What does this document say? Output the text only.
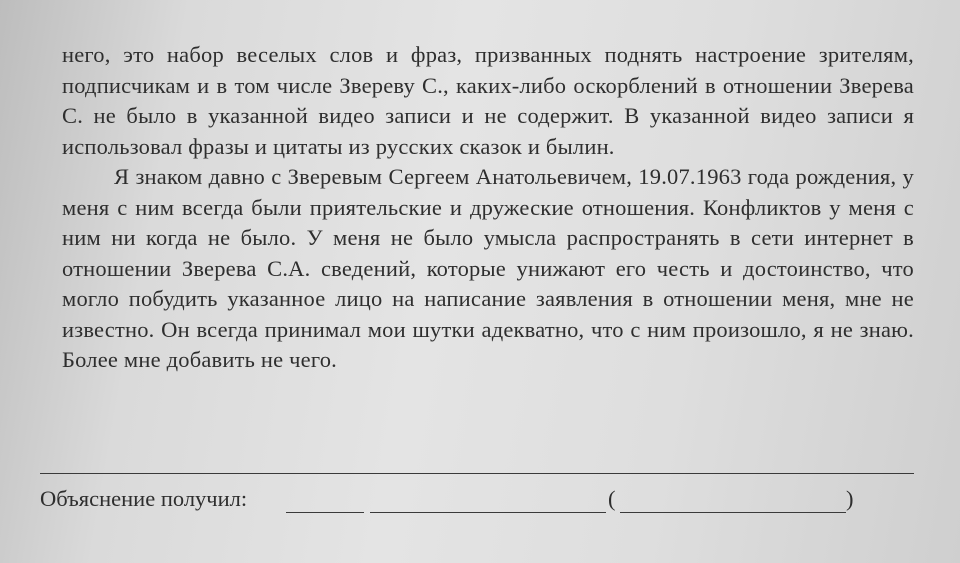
него, это набор веселых слов и фраз, призванных поднять настроение зрителям, подписчикам и в том числе Звереву С., каких-либо оскорблений в отношении Зверева С. не было в указанной видео записи и не содержит. В указанной видео записи я использовал фразы и цитаты из русских сказок и былин.

Я знаком давно с Зверевым Сергеем Анатольевичем, 19.07.1963 года рождения, у меня с ним всегда были приятельские и дружеские отношения. Конфликтов у меня с ним ни когда не было. У меня не было умысла распространять в сети интернет в отношении Зверева С.А. сведений, которые унижают его честь и достоинство, что могло побудить указанное лицо на написание заявления в отношении меня, мне не известно. Он всегда принимал мои шутки адекватно, что с ним произошло, я не знаю. Более мне добавить не чего.

Объяснение получил:	(	)
